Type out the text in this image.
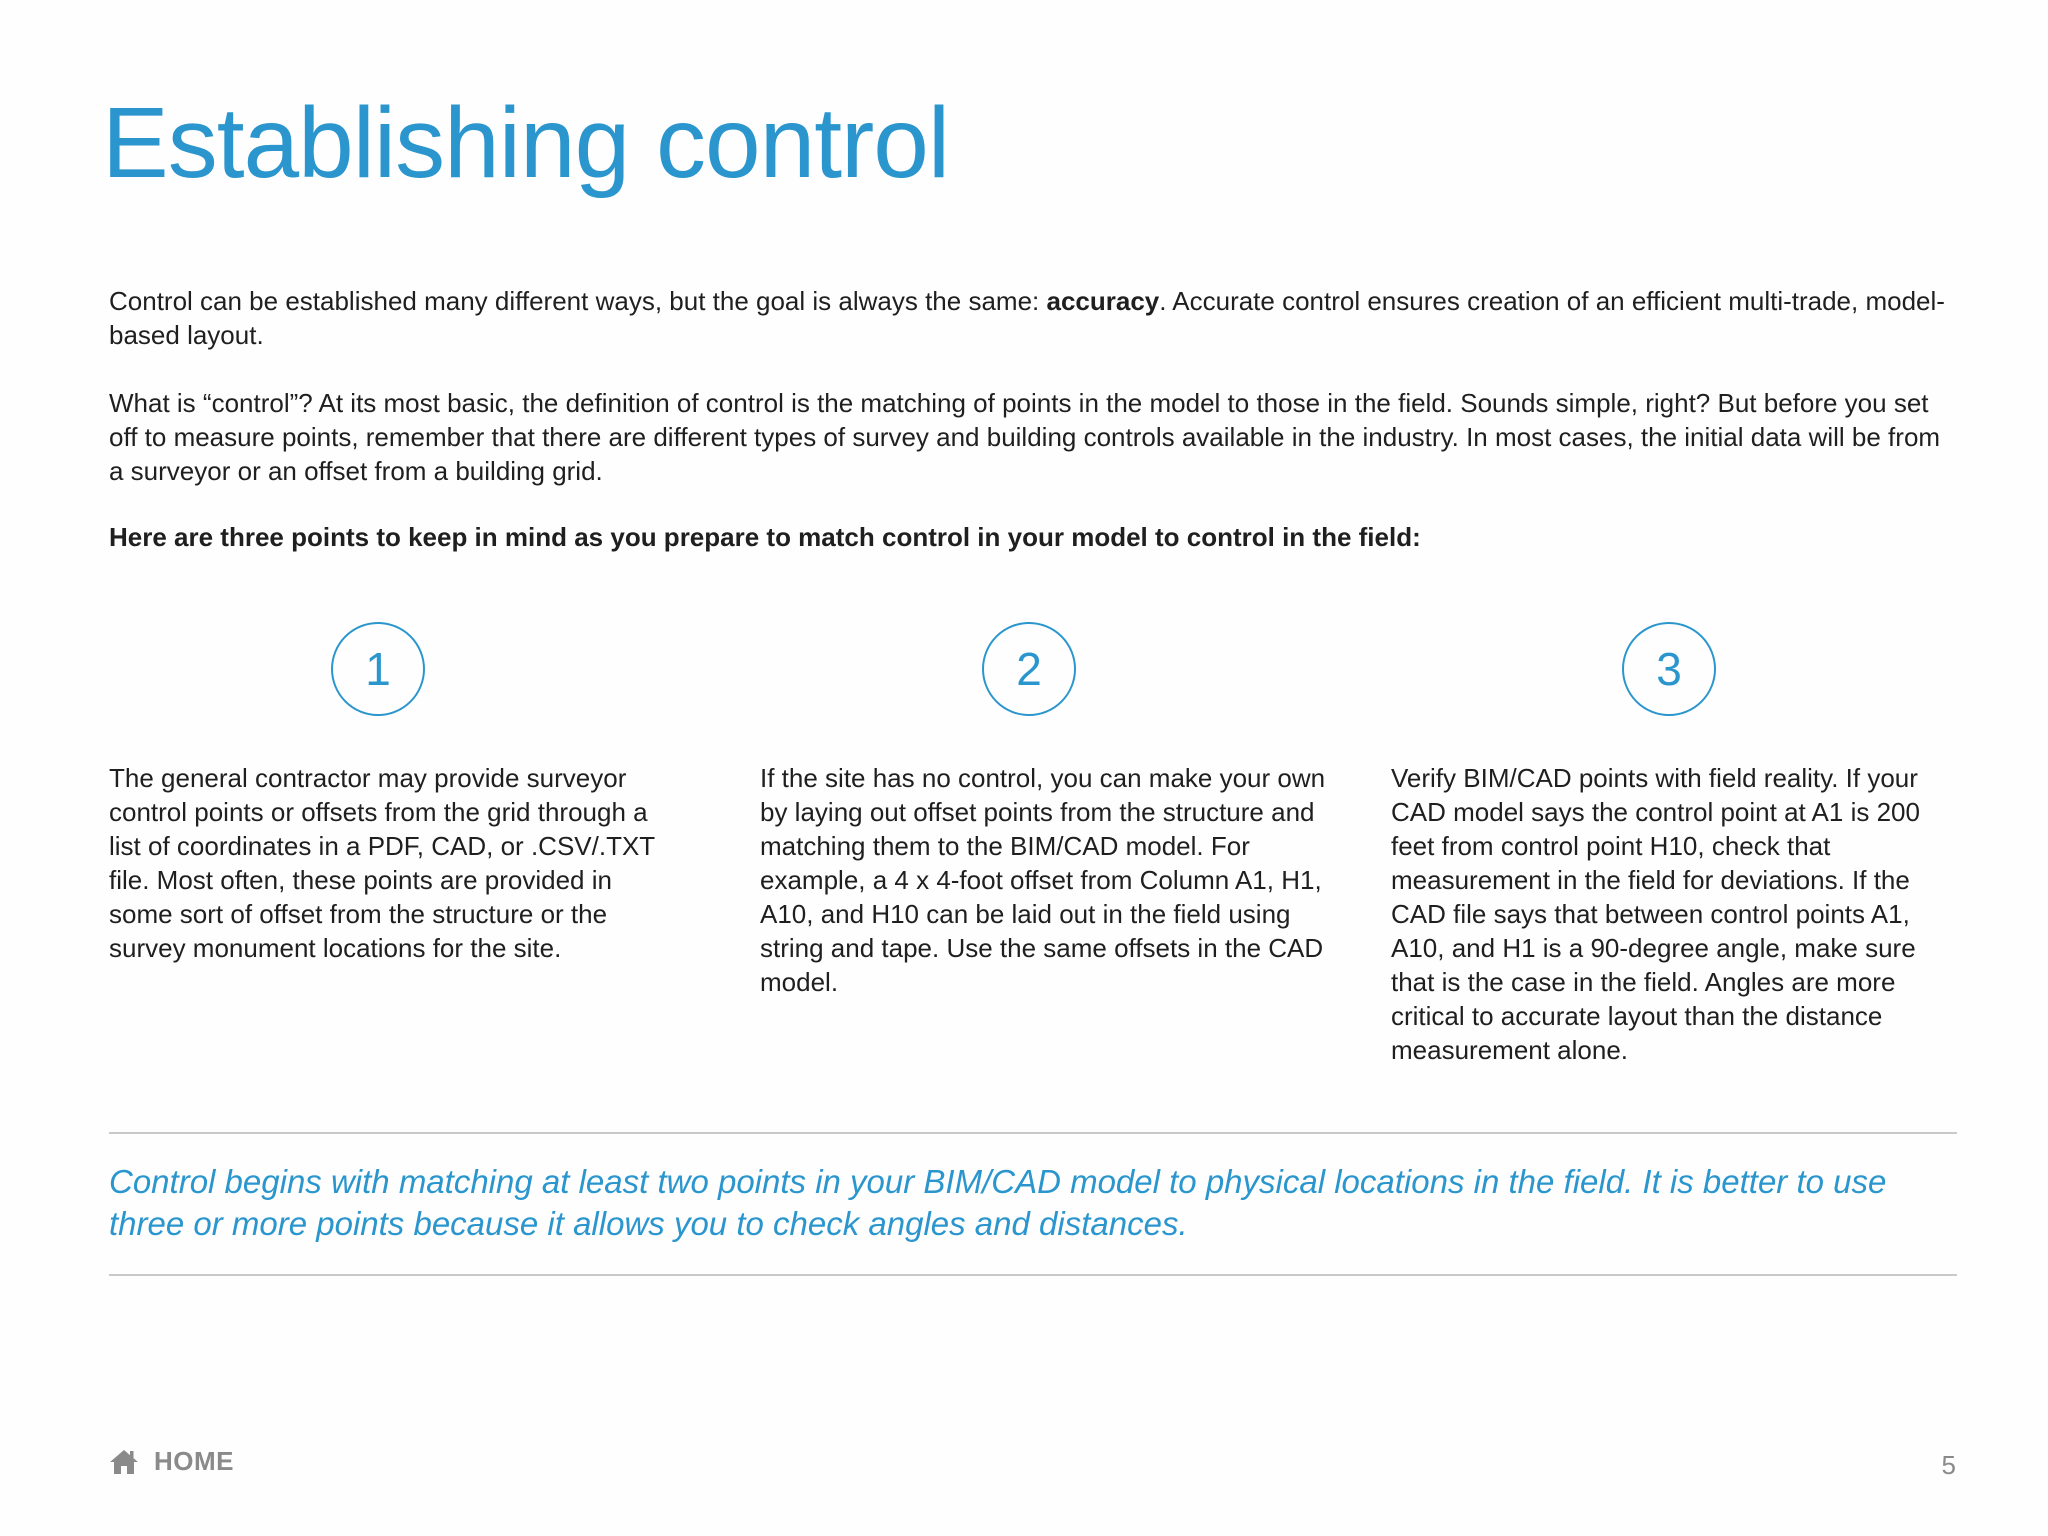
Establishing control

Control can be established many different ways, but the goal is always the same: accuracy. Accurate control ensures creation of an efficient multi-trade, model-based layout.

What is “control”? At its most basic, the definition of control is the matching of points in the model to those in the field. Sounds simple, right? But before you set off to measure points, remember that there are different types of survey and building controls available in the industry. In most cases, the initial data will be from a surveyor or an offset from a building grid.

Here are three points to keep in mind as you prepare to match control in your model to control in the field:

1	2	3

The general contractor may provide surveyor control points or offsets from the grid through a list of coordinates in a PDF, CAD, or .CSV/.TXT file. Most often, these points are provided in some sort of offset from the structure or the survey monument locations for the site.

If the site has no control, you can make your own by laying out offset points from the structure and matching them to the BIM/CAD model. For example, a 4 x 4-foot offset from Column A1, H1, A10, and H10 can be laid out in the field using string and tape. Use the same offsets in the CAD model.

Verify BIM/CAD points with field reality. If your CAD model says the control point at A1 is 200 feet from control point H10, check that measurement in the field for deviations. If the CAD file says that between control points A1, A10, and H1 is a 90-degree angle, make sure that is the case in the field. Angles are more critical to accurate layout than the distance measurement alone.

Control begins with matching at least two points in your BIM/CAD model to physical locations in the field. It is better to use three or more points because it allows you to check angles and distances.

HOME	5
